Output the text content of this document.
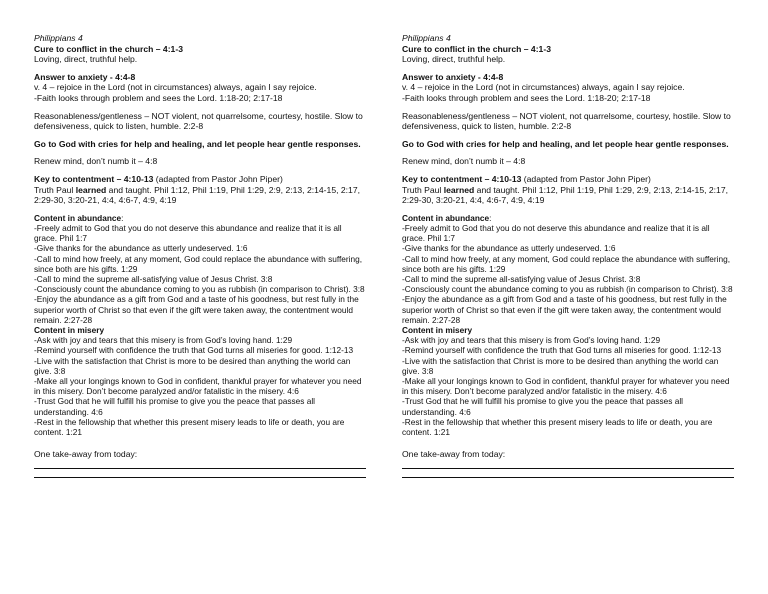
Philippians 4
Cure to conflict in the church – 4:1-3
Loving, direct, truthful help.
Answer to anxiety - 4:4-8
v. 4 – rejoice in the Lord (not in circumstances) always, again I say rejoice.
-Faith looks through problem and sees the Lord. 1:18-20; 2:17-18
Reasonableness/gentleness – NOT violent, not quarrelsome, courtesy, hostile. Slow to defensiveness, quick to listen, humble. 2:2-8
Go to God with cries for help and healing, and let people hear gentle responses.
Renew mind, don’t numb it – 4:8
Key to contentment – 4:10-13 (adapted from Pastor John Piper)
Truth Paul learned and taught. Phil 1:12, Phil 1:19, Phil 1:29, 2:9, 2:13, 2:14-15, 2:17, 2:29-30, 3:20-21, 4:4, 4:6-7, 4:9, 4:19
Content in abundance:
-Freely admit to God that you do not deserve this abundance and realize that it is all grace. Phil 1:7
-Give thanks for the abundance as utterly undeserved. 1:6
-Call to mind how freely, at any moment, God could replace the abundance with suffering, since both are his gifts. 1:29
-Call to mind the supreme all-satisfying value of Jesus Christ. 3:8
-Consciously count the abundance coming to you as rubbish (in comparison to Christ). 3:8
-Enjoy the abundance as a gift from God and a taste of his goodness, but rest fully in the superior worth of Christ so that even if the gift were taken away, the contentment would remain. 2:27-28
Content in misery
-Ask with joy and tears that this misery is from God’s loving hand. 1:29
-Remind yourself with confidence the truth that God turns all miseries for good. 1:12-13
-Live with the satisfaction that Christ is more to be desired than anything the world can give. 3:8
-Make all your longings known to God in confident, thankful prayer for whatever you need in this misery. Don’t become paralyzed and/or fatalistic in the misery. 4:6
-Trust God that he will fulfill his promise to give you the peace that passes all understanding. 4:6
-Rest in the fellowship that whether this present misery leads to life or death, you are content. 1:21
One take-away from today:
Philippians 4
Cure to conflict in the church – 4:1-3
Loving, direct, truthful help.
Answer to anxiety - 4:4-8
v. 4 – rejoice in the Lord (not in circumstances) always, again I say rejoice.
-Faith looks through problem and sees the Lord. 1:18-20; 2:17-18
Reasonableness/gentleness – NOT violent, not quarrelsome, courtesy, hostile. Slow to defensiveness, quick to listen, humble. 2:2-8
Go to God with cries for help and healing, and let people hear gentle responses.
Renew mind, don’t numb it – 4:8
Key to contentment – 4:10-13 (adapted from Pastor John Piper)
Truth Paul learned and taught. Phil 1:12, Phil 1:19, Phil 1:29, 2:9, 2:13, 2:14-15, 2:17, 2:29-30, 3:20-21, 4:4, 4:6-7, 4:9, 4:19
Content in abundance:
-Freely admit to God that you do not deserve this abundance and realize that it is all grace. Phil 1:7
-Give thanks for the abundance as utterly undeserved. 1:6
-Call to mind how freely, at any moment, God could replace the abundance with suffering, since both are his gifts. 1:29
-Call to mind the supreme all-satisfying value of Jesus Christ. 3:8
-Consciously count the abundance coming to you as rubbish (in comparison to Christ). 3:8
-Enjoy the abundance as a gift from God and a taste of his goodness, but rest fully in the superior worth of Christ so that even if the gift were taken away, the contentment would remain. 2:27-28
Content in misery
-Ask with joy and tears that this misery is from God’s loving hand. 1:29
-Remind yourself with confidence the truth that God turns all miseries for good. 1:12-13
-Live with the satisfaction that Christ is more to be desired than anything the world can give. 3:8
-Make all your longings known to God in confident, thankful prayer for whatever you need in this misery. Don’t become paralyzed and/or fatalistic in the misery. 4:6
-Trust God that he will fulfill his promise to give you the peace that passes all understanding. 4:6
-Rest in the fellowship that whether this present misery leads to life or death, you are content. 1:21
One take-away from today:
